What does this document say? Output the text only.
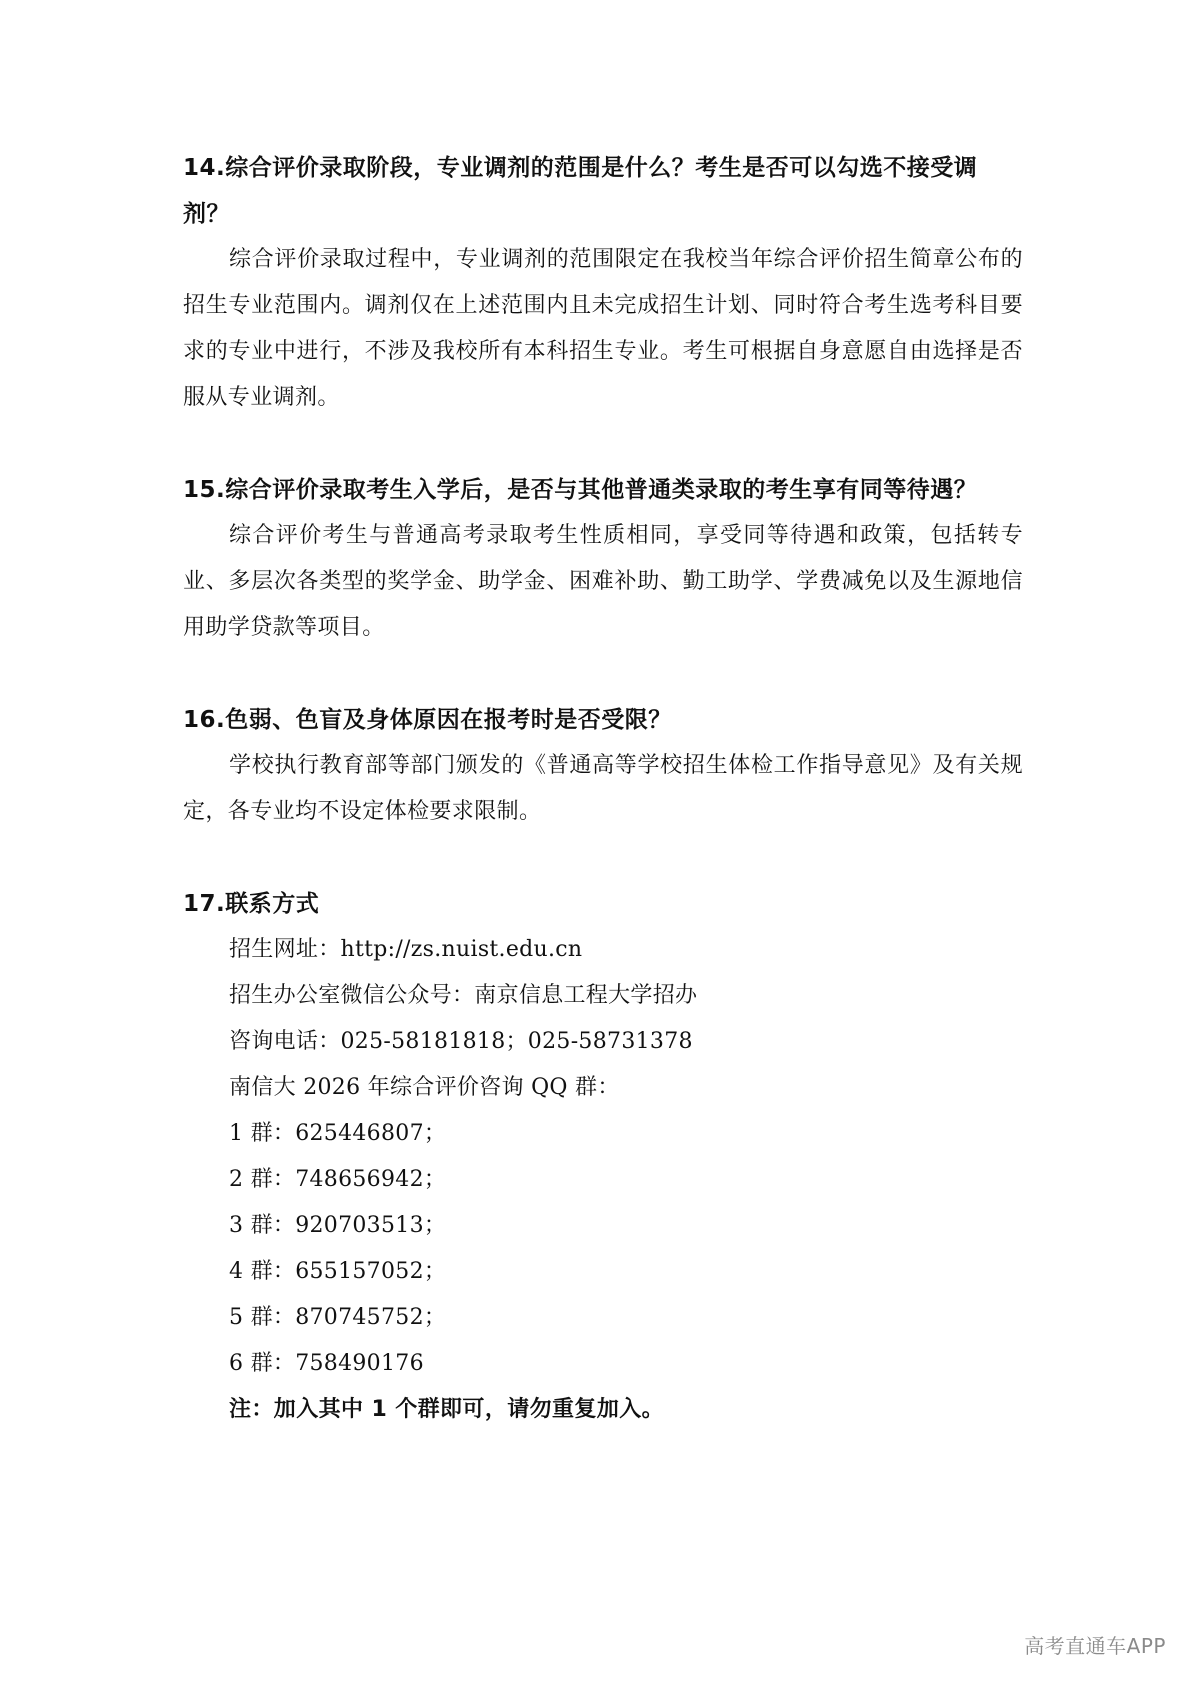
14.综合评价录取阶段，专业调剂的范围是什么？考生是否可以勾选不接受调剂？

综合评价录取过程中，专业调剂的范围限定在我校当年综合评价招生简章公布的招生专业范围内。调剂仅在上述范围内且未完成招生计划、同时符合考生选考科目要求的专业中进行，不涉及我校所有本科招生专业。考生可根据自身意愿自由选择是否服从专业调剂。

15.综合评价录取考生入学后，是否与其他普通类录取的考生享有同等待遇？

综合评价考生与普通高考录取考生性质相同，享受同等待遇和政策，包括转专业、多层次各类型的奖学金、助学金、困难补助、勤工助学、学费减免以及生源地信用助学贷款等项目。

16.色弱、色盲及身体原因在报考时是否受限？

学校执行教育部等部门颁发的《普通高等学校招生体检工作指导意见》及有关规定，各专业均不设定体检要求限制。

17.联系方式

招生网址：http://zs.nuist.edu.cn

招生办公室微信公众号：南京信息工程大学招办

咨询电话：025-58181818；025-58731378

南信大 2026 年综合评价咨询 QQ 群：

1 群：625446807；

2 群：748656942；

3 群：920703513；

4 群：655157052；

5 群：870745752；

6 群：758490176

注：加入其中 1 个群即可，请勿重复加入。

高考直通车APP
